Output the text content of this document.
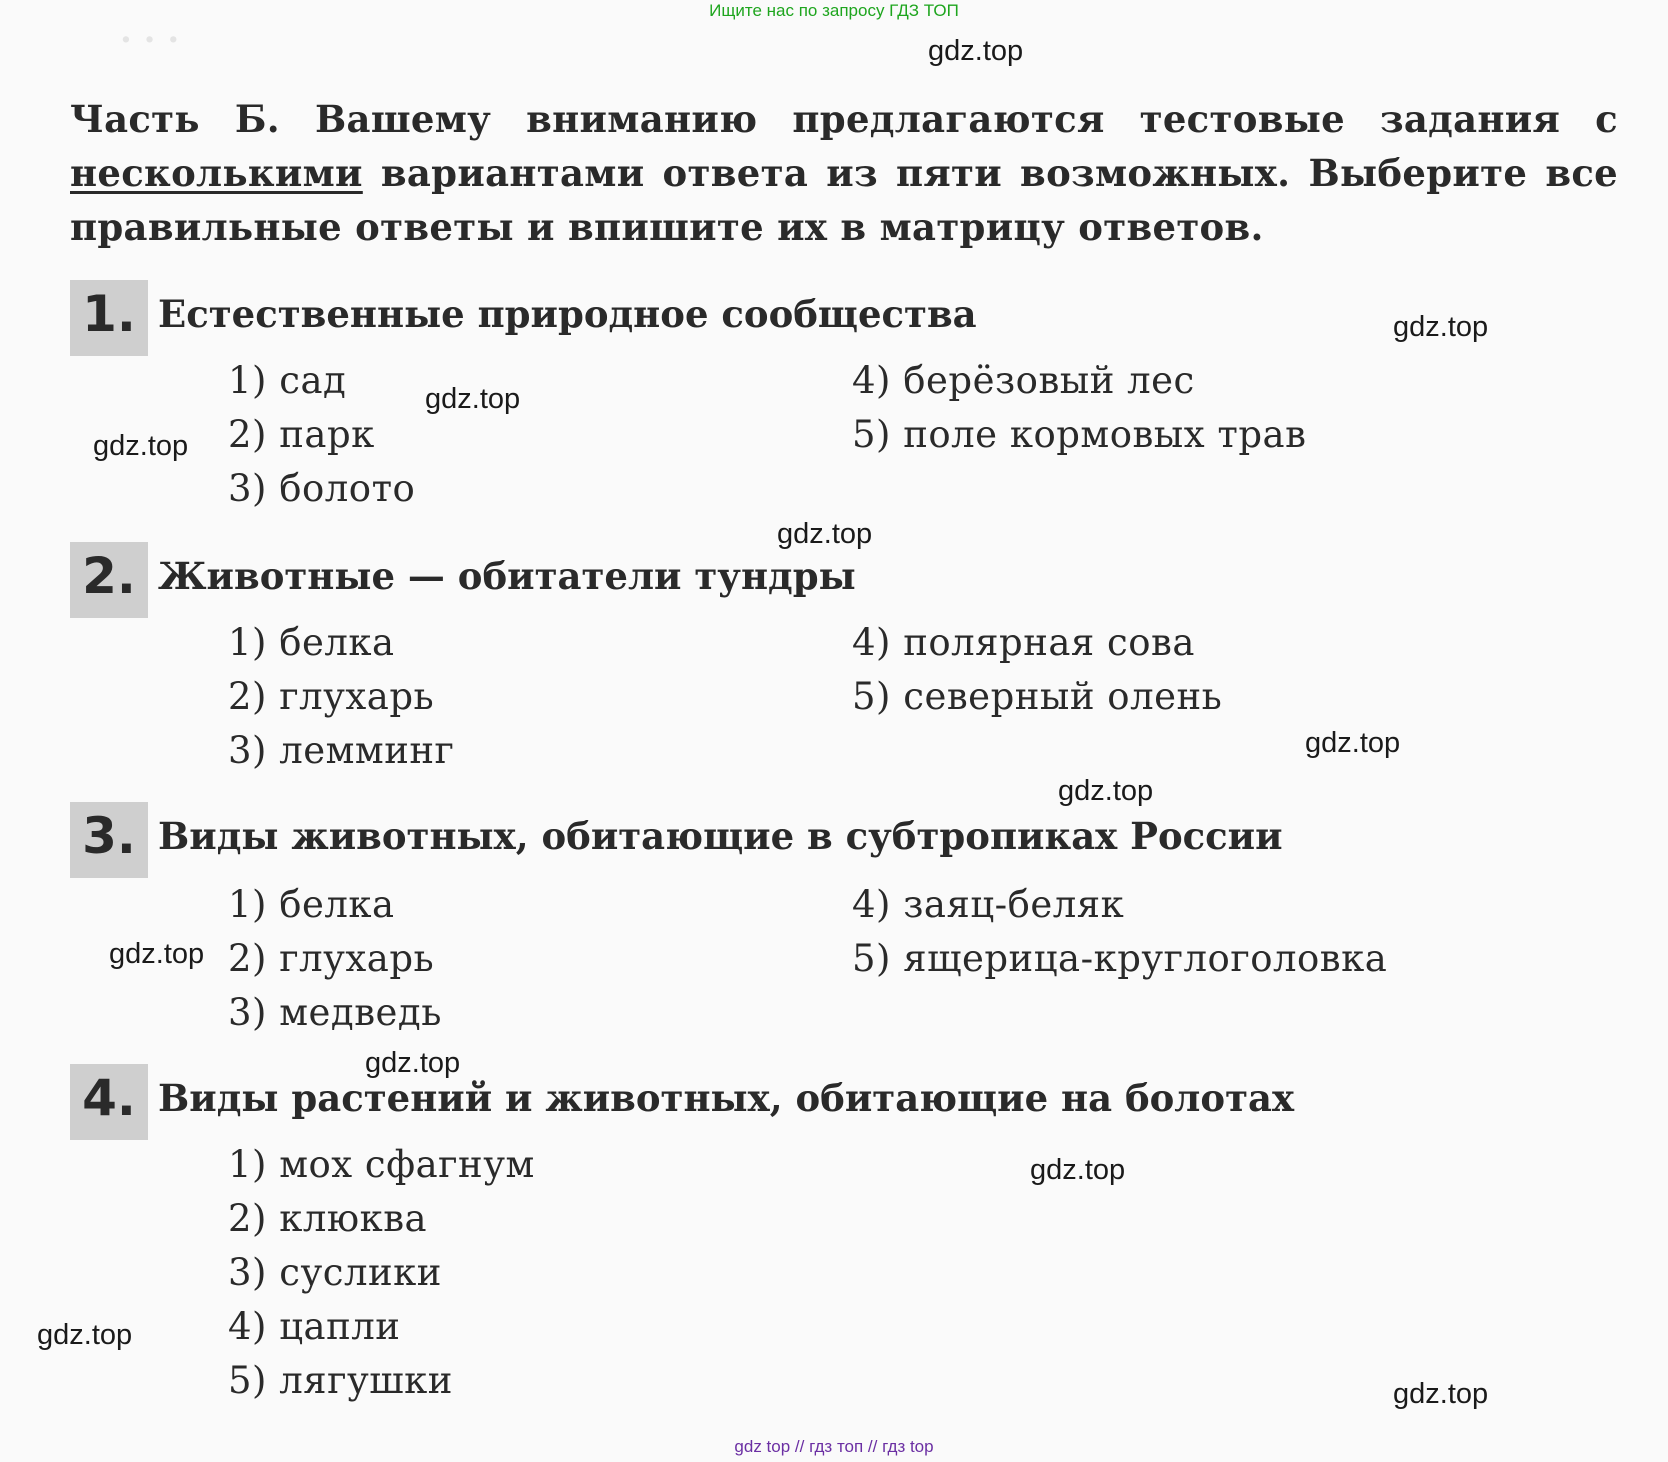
· · ·
Ищите нас по запросу ГДЗ ТОП
gdz.top
Часть Б. Вашему вниманию предлагаются тестовые задания с несколькими вариантами ответа из пяти возможных. Выберите все правильные ответы и впишите их в матрицу ответов.
1. Естественные природное сообщества
1) сад
2) парк
3) болото
4) берёзовый лес
5) поле кормовых трав
2. Животные — обитатели тундры
1) белка
2) глухарь
3) лемминг
4) полярная сова
5) северный олень
3. Виды животных, обитающие в субтропиках России
1) белка
2) глухарь
3) медведь
4) заяц-беляк
5) ящерица-круглоголовка
4. Виды растений и животных, обитающие на болотах
1) мох сфагнум
2) клюква
3) суслики
4) цапли
5) лягушки
gdz.top
gdz.top
gdz.top
gdz.top
gdz.top
gdz.top
gdz.top
gdz.top
gdz.top
gdz.top
gdz.top
gdz top // гдз топ // гдз top
